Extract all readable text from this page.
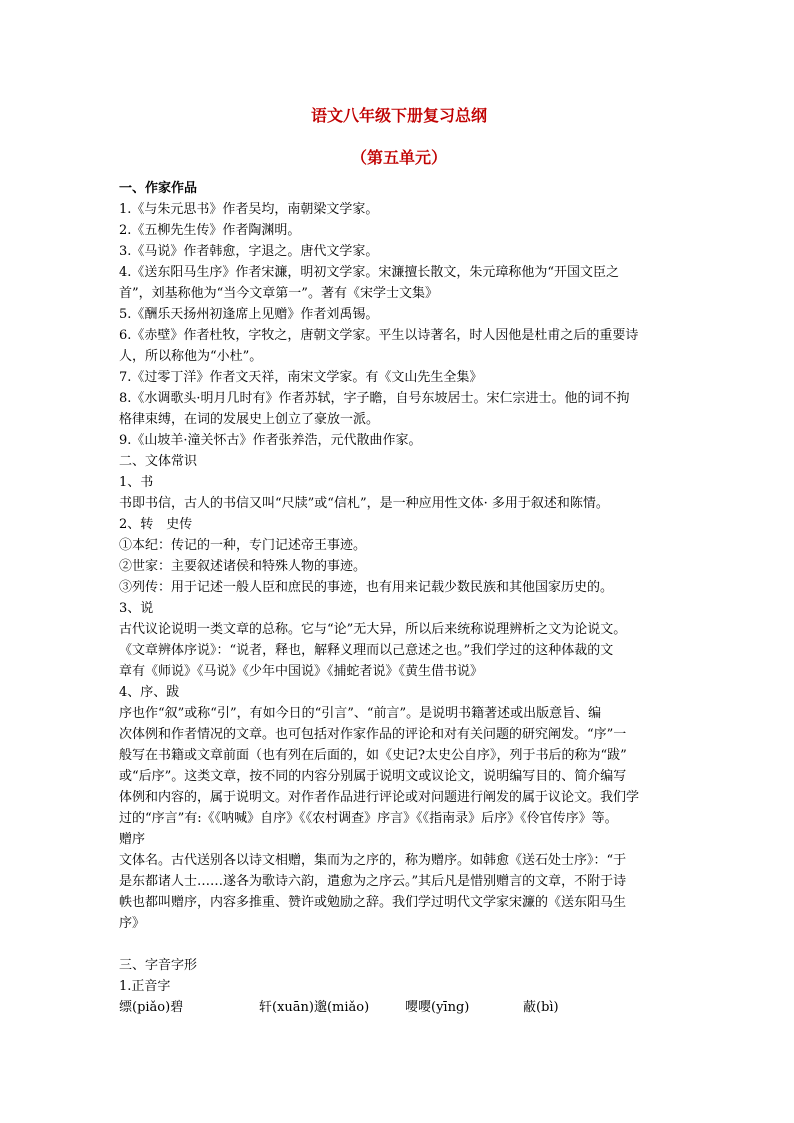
语文八年级下册复习总纲
（第五单元）
一、作家作品
1.《与朱元思书》作者吴均，南朝梁文学家。
2.《五柳先生传》作者陶渊明。
3.《马说》作者韩愈，字退之。唐代文学家。
4.《送东阳马生序》作者宋濂，明初文学家。宋濂擅长散文，朱元璋称他为“开国文臣之
首”，刘基称他为“当今文章第一”。著有《宋学士文集》
5.《酬乐天扬州初逢席上见赠》作者刘禹锡。
6.《赤壁》作者杜牧，字牧之，唐朝文学家。平生以诗著名，时人因他是杜甫之后的重要诗
人，所以称他为“小杜”。
7.《过零丁洋》作者文天祥，南宋文学家。有《文山先生全集》
8.《水调歌头·明月几时有》作者苏轼，字子瞻，自号东坡居士。宋仁宗进士。他的词不拘
格律束缚，在词的发展史上创立了豪放一派。
9.《山坡羊·潼关怀古》作者张养浩，元代散曲作家。
二、文体常识
1、书
书即书信，古人的书信又叫“尺牍”或“信札”，是一种应用性文体· 多用于叙述和陈情。
2、转　史传
①本纪：传记的一种，专门记述帝王事迹。
②世家：主要叙述诸侯和特殊人物的事迹。
③列传：用于记述一般人臣和庶民的事迹，也有用来记载少数民族和其他国家历史的。
3、说
古代议论说明一类文章的总称。它与“论”无大异，所以后来统称说理辨析之文为论说文。
《文章辨体序说》：“说者，释也，解释义理而以己意述之也。”我们学过的这种体裁的文
章有《师说》《马说》《少年中国说》《捕蛇者说》《黄生借书说》
4、序、跋
序也作“叙”或称“引”，有如今日的“引言”、“前言”。是说明书籍著述或出版意旨、编
次体例和作者情况的文章。也可包括对作家作品的评论和对有关问题的研究阐发。“序”一
般写在书籍或文章前面（也有列在后面的，如《史记?太史公自序》，列于书后的称为“跋”
或“后序”。这类文章，按不同的内容分别属于说明文或议论文，说明编写目的、简介编写
体例和内容的，属于说明文。对作者作品进行评论或对问题进行阐发的属于议论文。我们学
过的“序言”有:《《呐喊》自序》《《农村调查》序言》《《指南录》后序》《伶官传序》等。
赠序
文体名。古代送别各以诗文相赠，集而为之序的，称为赠序。如韩愈《送石处士序》：“于
是东都诸人士……遂各为歌诗六韵，遣愈为之序云。”其后凡是惜别赠言的文章，不附于诗
帙也都叫赠序，内容多推重、赞许或勉励之辞。我们学过明代文学家宋濂的《送东阳马生
序》
三、字音字形
1.正音字
缥(piǎo)碧	轩(xuān)邈(miǎo)	嘤嘤(yīng)	蔽(bì)
